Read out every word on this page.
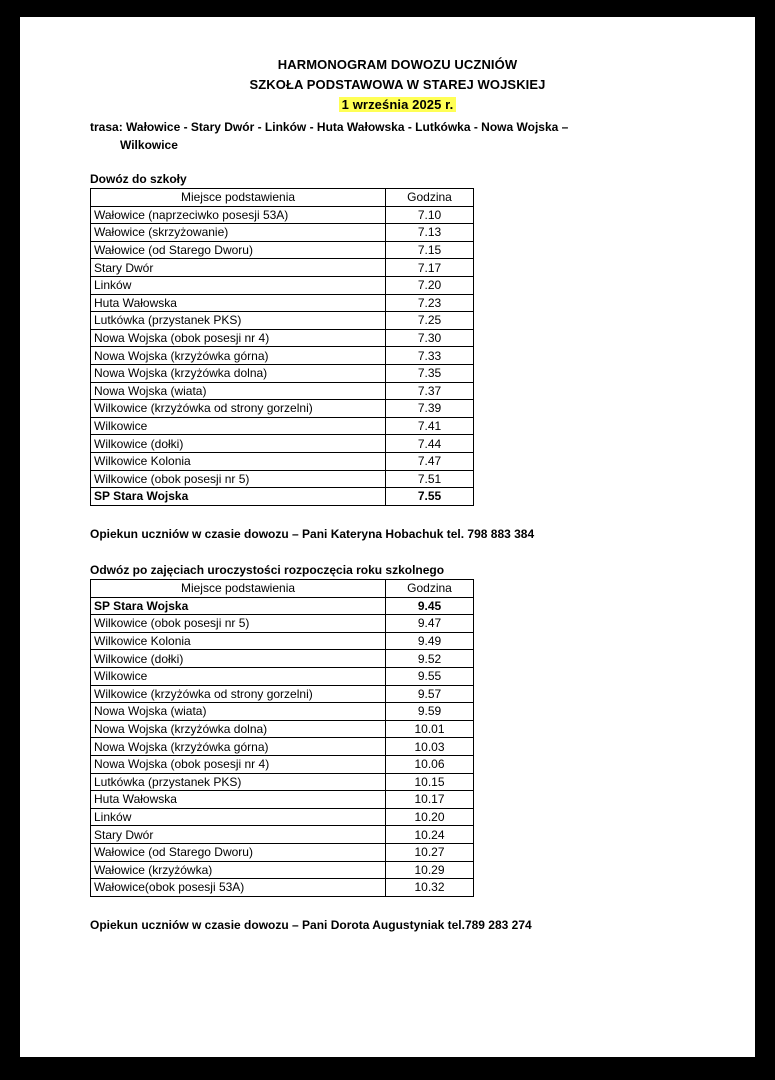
HARMONOGRAM DOWOZU UCZNIÓW
SZKOŁA PODSTAWOWA W STAREJ WOJSKIEJ
1 września 2025 r.
trasa: Wałowice - Stary Dwór - Linków - Huta Wałowska - Lutkówka - Nowa Wojska –
Wilkowice
Dowóz do szkoły
Miejsce podstawienia	Godzina
Wałowice (naprzeciwko posesji 53A)	7.10
Wałowice (skrzyżowanie)	7.13
Wałowice (od Starego Dworu)	7.15
Stary Dwór	7.17
Linków	7.20
Huta Wałowska	7.23
Lutkówka (przystanek PKS)	7.25
Nowa Wojska (obok posesji nr 4)	7.30
Nowa Wojska (krzyżówka górna)	7.33
Nowa Wojska (krzyżówka dolna)	7.35
Nowa Wojska (wiata)	7.37
Wilkowice (krzyżówka od strony gorzelni)	7.39
Wilkowice	7.41
Wilkowice (dołki)	7.44
Wilkowice Kolonia	7.47
Wilkowice (obok posesji nr 5)	7.51
SP Stara Wojska	7.55
Opiekun uczniów w czasie dowozu – Pani Kateryna Hobachuk tel. 798 883 384
Odwóz po zajęciach uroczystości rozpoczęcia roku szkolnego
Miejsce podstawienia	Godzina
SP Stara Wojska	9.45
Wilkowice (obok posesji nr 5)	9.47
Wilkowice Kolonia	9.49
Wilkowice (dołki)	9.52
Wilkowice	9.55
Wilkowice (krzyżówka od strony gorzelni)	9.57
Nowa Wojska (wiata)	9.59
Nowa Wojska (krzyżówka dolna)	10.01
Nowa Wojska (krzyżówka górna)	10.03
Nowa Wojska (obok posesji nr 4)	10.06
Lutkówka (przystanek PKS)	10.15
Huta Wałowska	10.17
Linków	10.20
Stary Dwór	10.24
Wałowice (od Starego Dworu)	10.27
Wałowice (krzyżówka)	10.29
Wałowice(obok posesji 53A)	10.32
Opiekun uczniów w czasie dowozu – Pani Dorota Augustyniak tel.789 283 274
